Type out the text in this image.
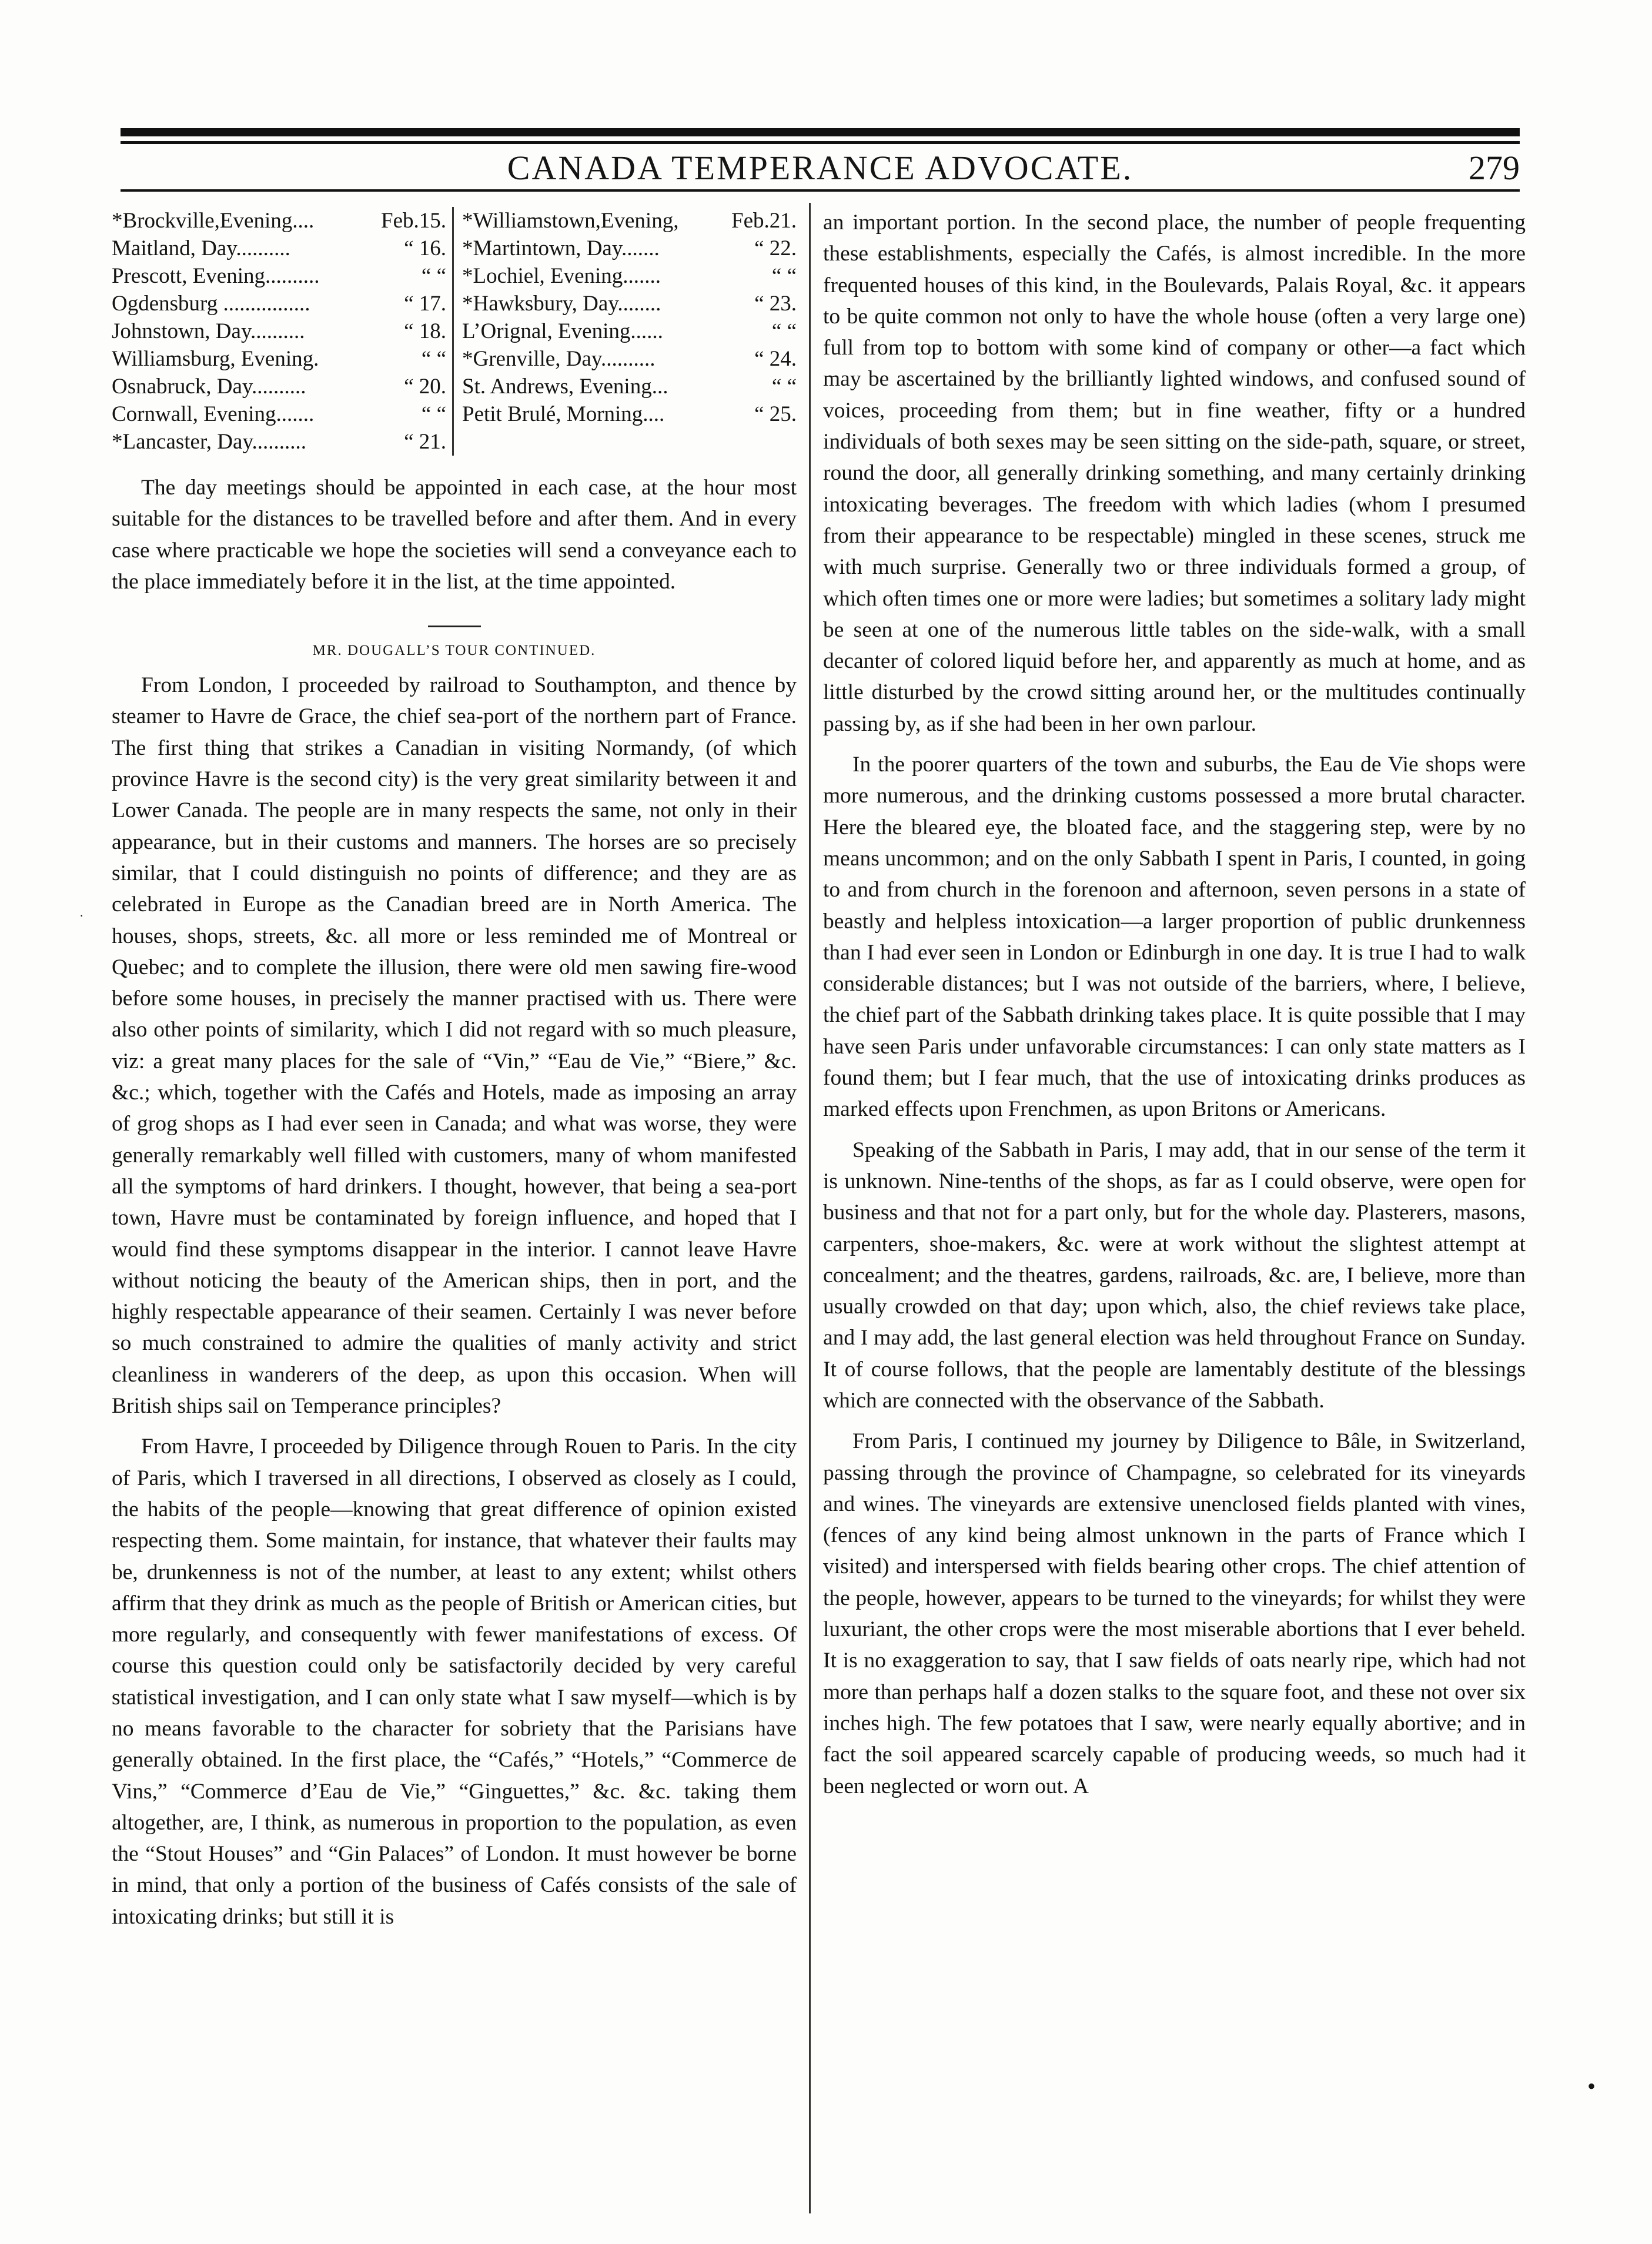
CANADA TEMPERANCE ADVOCATE.	279
*Brockville,Evening....	Feb.15.
Maitland, Day..........	“ 16.
Prescott, Evening..........	“ “
Ogdensburg ................	“ 17.
Johnstown, Day..........	“ 18.
Williamsburg, Evening.	“ “
Osnabruck, Day..........	“ 20.
Cornwall, Evening.......	“ “
*Lancaster, Day..........	“ 21.
*Williamstown,Evening,	Feb.21.
*Martintown, Day.......	“ 22.
*Lochiel, Evening.......	“ “
*Hawksbury, Day........	“ 23.
L’Orignal, Evening......	“ “
*Grenville, Day..........	“ 24.
St. Andrews, Evening...	“ “
Petit Brulé, Morning....	“ 25.

The day meetings should be appointed in each case, at the hour most suitable for the distances to be travelled before and after them. And in every case where practicable we hope the societies will send a conveyance each to the place immediately before it in the list, at the time appointed.

MR. DOUGALL’S TOUR CONTINUED.

From London, I proceeded by railroad to Southampton, and thence by steamer to Havre de Grace, the chief sea-port of the northern part of France. The first thing that strikes a Canadian in visiting Normandy, (of which province Havre is the second city) is the very great similarity between it and Lower Canada. The people are in many respects the same, not only in their appearance, but in their customs and manners. The horses are so precisely similar, that I could distinguish no points of difference; and they are as celebrated in Europe as the Canadian breed are in North America. The houses, shops, streets, &c. all more or less reminded me of Montreal or Quebec; and to complete the illusion, there were old men sawing fire-wood before some houses, in precisely the manner practised with us. There were also other points of similarity, which I did not regard with so much pleasure, viz: a great many places for the sale of “Vin,” “Eau de Vie,” “Biere,” &c. &c.; which, together with the Cafés and Hotels, made as imposing an array of grog shops as I had ever seen in Canada; and what was worse, they were generally remarkably well filled with customers, many of whom manifested all the symptoms of hard drinkers. I thought, however, that being a sea-port town, Havre must be contaminated by foreign influence, and hoped that I would find these symptoms disappear in the interior. I cannot leave Havre without noticing the beauty of the American ships, then in port, and the highly respectable appearance of their seamen. Certainly I was never before so much constrained to admire the qualities of manly activity and strict cleanliness in wanderers of the deep, as upon this occasion. When will British ships sail on Temperance principles?

From Havre, I proceeded by Diligence through Rouen to Paris. In the city of Paris, which I traversed in all directions, I observed as closely as I could, the habits of the people—knowing that great difference of opinion existed respecting them. Some maintain, for instance, that whatever their faults may be, drunkenness is not of the number, at least to any extent; whilst others affirm that they drink as much as the people of British or American cities, but more regularly, and consequently with fewer manifestations of excess. Of course this question could only be satisfactorily decided by very careful statistical investigation, and I can only state what I saw myself—which is by no means favorable to the character for sobriety that the Parisians have generally obtained. In the first place, the “Cafés,” “Hotels,” “Commerce de Vins,” “Commerce d’Eau de Vie,” “Ginguettes,” &c. &c. taking them altogether, are, I think, as numerous in proportion to the population, as even the “Stout Houses” and “Gin Palaces” of London. It must however be borne in mind, that only a portion of the business of Cafés consists of the sale of intoxicating drinks; but still it is

an important portion. In the second place, the number of people frequenting these establishments, especially the Cafés, is almost incredible. In the more frequented houses of this kind, in the Boulevards, Palais Royal, &c. it appears to be quite common not only to have the whole house (often a very large one) full from top to bottom with some kind of company or other—a fact which may be ascertained by the brilliantly lighted windows, and confused sound of voices, proceeding from them; but in fine weather, fifty or a hundred individuals of both sexes may be seen sitting on the side-path, square, or street, round the door, all generally drinking something, and many certainly drinking intoxicating beverages. The freedom with which ladies (whom I presumed from their appearance to be respectable) mingled in these scenes, struck me with much surprise. Generally two or three individuals formed a group, of which often times one or more were ladies; but sometimes a solitary lady might be seen at one of the numerous little tables on the side-walk, with a small decanter of colored liquid before her, and apparently as much at home, and as little disturbed by the crowd sitting around her, or the multitudes continually passing by, as if she had been in her own parlour.

In the poorer quarters of the town and suburbs, the Eau de Vie shops were more numerous, and the drinking customs possessed a more brutal character. Here the bleared eye, the bloated face, and the staggering step, were by no means uncommon; and on the only Sabbath I spent in Paris, I counted, in going to and from church in the forenoon and afternoon, seven persons in a state of beastly and helpless intoxication—a larger proportion of public drunkenness than I had ever seen in London or Edinburgh in one day. It is true I had to walk considerable distances; but I was not outside of the barriers, where, I believe, the chief part of the Sabbath drinking takes place. It is quite possible that I may have seen Paris under unfavorable circumstances: I can only state matters as I found them; but I fear much, that the use of intoxicating drinks produces as marked effects upon Frenchmen, as upon Britons or Americans.

Speaking of the Sabbath in Paris, I may add, that in our sense of the term it is unknown. Nine-tenths of the shops, as far as I could observe, were open for business and that not for a part only, but for the whole day. Plasterers, masons, carpenters, shoe-makers, &c. were at work without the slightest attempt at concealment; and the theatres, gardens, railroads, &c. are, I believe, more than usually crowded on that day; upon which, also, the chief reviews take place, and I may add, the last general election was held throughout France on Sunday. It of course follows, that the people are lamentably destitute of the blessings which are connected with the observance of the Sabbath.

From Paris, I continued my journey by Diligence to Bâle, in Switzerland, passing through the province of Champagne, so celebrated for its vineyards and wines. The vineyards are extensive unenclosed fields planted with vines, (fences of any kind being almost unknown in the parts of France which I visited) and interspersed with fields bearing other crops. The chief attention of the people, however, appears to be turned to the vineyards; for whilst they were luxuriant, the other crops were the most miserable abortions that I ever beheld. It is no exaggeration to say, that I saw fields of oats nearly ripe, which had not more than perhaps half a dozen stalks to the square foot, and these not over six inches high. The few potatoes that I saw, were nearly equally abortive; and in fact the soil appeared scarcely capable of producing weeds, so much had it been neglected or worn out. A

•
·
